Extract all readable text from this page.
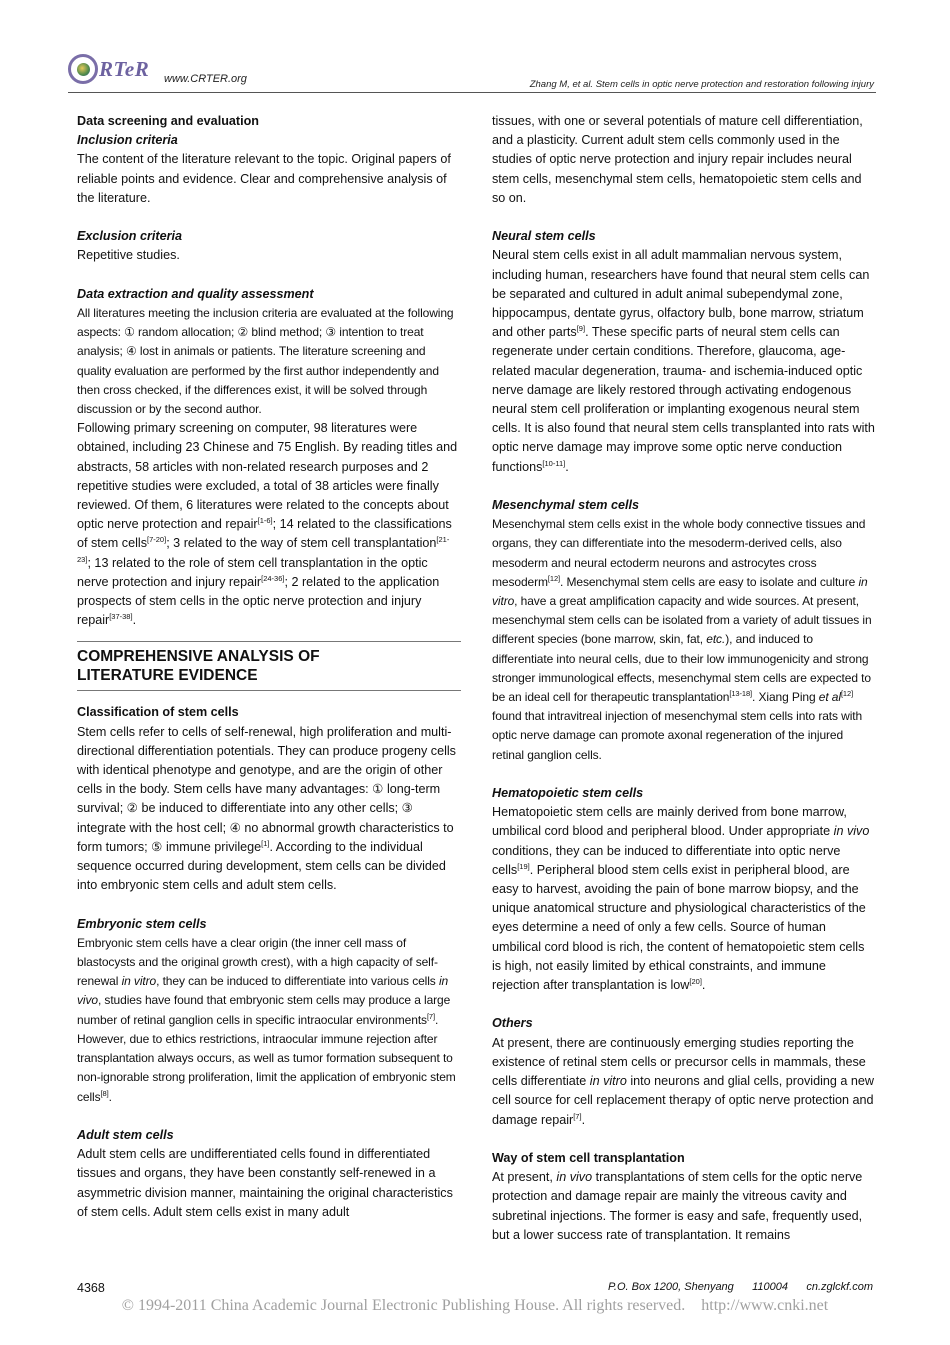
RTeR www.CRTER.org	Zhang M, et al. Stem cells in optic nerve protection and restoration following injury

Data screening and evaluation

Inclusion criteria

The content of the literature relevant to the topic. Original papers of reliable points and evidence. Clear and comprehensive analysis of the literature.

Exclusion criteria

Repetitive studies.

Data extraction and quality assessment

All literatures meeting the inclusion criteria are evaluated at the following aspects: ① random allocation; ② blind method; ③ intention to treat analysis; ④ lost in animals or patients. The literature screening and quality evaluation are performed by the first author independently and then cross checked, if the differences exist, it will be solved through discussion or by the second author.

Following primary screening on computer, 98 literatures were obtained, including 23 Chinese and 75 English. By reading titles and abstracts, 58 articles with non-related research purposes and 2 repetitive studies were excluded, a total of 38 articles were finally reviewed. Of them, 6 literatures were related to the concepts about optic nerve protection and repair[1-6]; 14 related to the classifications of stem cells[7-20]; 3 related to the way of stem cell transplantation[21-23]; 13 related to the role of stem cell transplantation in the optic nerve protection and injury repair[24-36]; 2 related to the application prospects of stem cells in the optic nerve protection and injury repair[37-38].

COMPREHENSIVE ANALYSIS OF
LITERATURE EVIDENCE

Classification of stem cells

Stem cells refer to cells of self-renewal, high proliferation and multi-directional differentiation potentials. They can produce progeny cells with identical phenotype and genotype, and are the origin of other cells in the body. Stem cells have many advantages: ① long-term survival; ② be induced to differentiate into any other cells; ③ integrate with the host cell; ④ no abnormal growth characteristics to form tumors; ⑤ immune privilege[1]. According to the individual sequence occurred during development, stem cells can be divided into embryonic stem cells and adult stem cells.

Embryonic stem cells

Embryonic stem cells have a clear origin (the inner cell mass of blastocysts and the original growth crest), with a high capacity of self-renewal in vitro, they can be induced to differentiate into various cells in vivo, studies have found that embryonic stem cells may produce a large number of retinal ganglion cells in specific intraocular environments[7]. However, due to ethics restrictions, intraocular immune rejection after transplantation always occurs, as well as tumor formation subsequent to non-ignorable strong proliferation, limit the application of embryonic stem cells[8].

Adult stem cells

Adult stem cells are undifferentiated cells found in differentiated tissues and organs, they have been constantly self-renewed in a asymmetric division manner, maintaining the original characteristics of stem cells. Adult stem cells exist in many adult

tissues, with one or several potentials of mature cell differentiation, and a plasticity. Current adult stem cells commonly used in the studies of optic nerve protection and injury repair includes neural stem cells, mesenchymal stem cells, hematopoietic stem cells and so on.

Neural stem cells

Neural stem cells exist in all adult mammalian nervous system, including human, researchers have found that neural stem cells can be separated and cultured in adult animal subependymal zone, hippocampus, dentate gyrus, olfactory bulb, bone marrow, striatum and other parts[9]. These specific parts of neural stem cells can regenerate under certain conditions. Therefore, glaucoma, age-related macular degeneration, trauma- and ischemia-induced optic nerve damage are likely restored through activating endogenous neural stem cell proliferation or implanting exogenous neural stem cells. It is also found that neural stem cells transplanted into rats with optic nerve damage may improve some optic nerve conduction functions[10-11].

Mesenchymal stem cells

Mesenchymal stem cells exist in the whole body connective tissues and organs, they can differentiate into the mesoderm-derived cells, also mesoderm and neural ectoderm neurons and astrocytes cross mesoderm[12]. Mesenchymal stem cells are easy to isolate and culture in vitro, have a great amplification capacity and wide sources. At present, mesenchymal stem cells can be isolated from a variety of adult tissues in different species (bone marrow, skin, fat, etc.), and induced to differentiate into neural cells, due to their low immunogenicity and strong stronger immunological effects, mesenchymal stem cells are expected to be an ideal cell for therapeutic transplantation[13-18]. Xiang Ping et al[12] found that intravitreal injection of mesenchymal stem cells into rats with optic nerve damage can promote axonal regeneration of the injured retinal ganglion cells.

Hematopoietic stem cells

Hematopoietic stem cells are mainly derived from bone marrow, umbilical cord blood and peripheral blood. Under appropriate in vivo conditions, they can be induced to differentiate into optic nerve cells[19]. Peripheral blood stem cells exist in peripheral blood, are easy to harvest, avoiding the pain of bone marrow biopsy, and the unique anatomical structure and physiological characteristics of the eyes determine a need of only a few cells. Source of human umbilical cord blood is rich, the content of hematopoietic stem cells is high, not easily limited by ethical constraints, and immune rejection after transplantation is low[20].

Others

At present, there are continuously emerging studies reporting the existence of retinal stem cells or precursor cells in mammals, these cells differentiate in vitro into neurons and glial cells, providing a new cell source for cell replacement therapy of optic nerve protection and damage repair[7].

Way of stem cell transplantation

At present, in vivo transplantations of stem cells for the optic nerve protection and damage repair are mainly the vitreous cavity and subretinal injections. The former is easy and safe, frequently used, but a lower success rate of transplantation. It remains

4368	P.O. Box 1200, Shenyang      110004      cn.zglckf.com
© 1994-2011 China Academic Journal Electronic Publishing House. All rights reserved.    http://www.cnki.net
